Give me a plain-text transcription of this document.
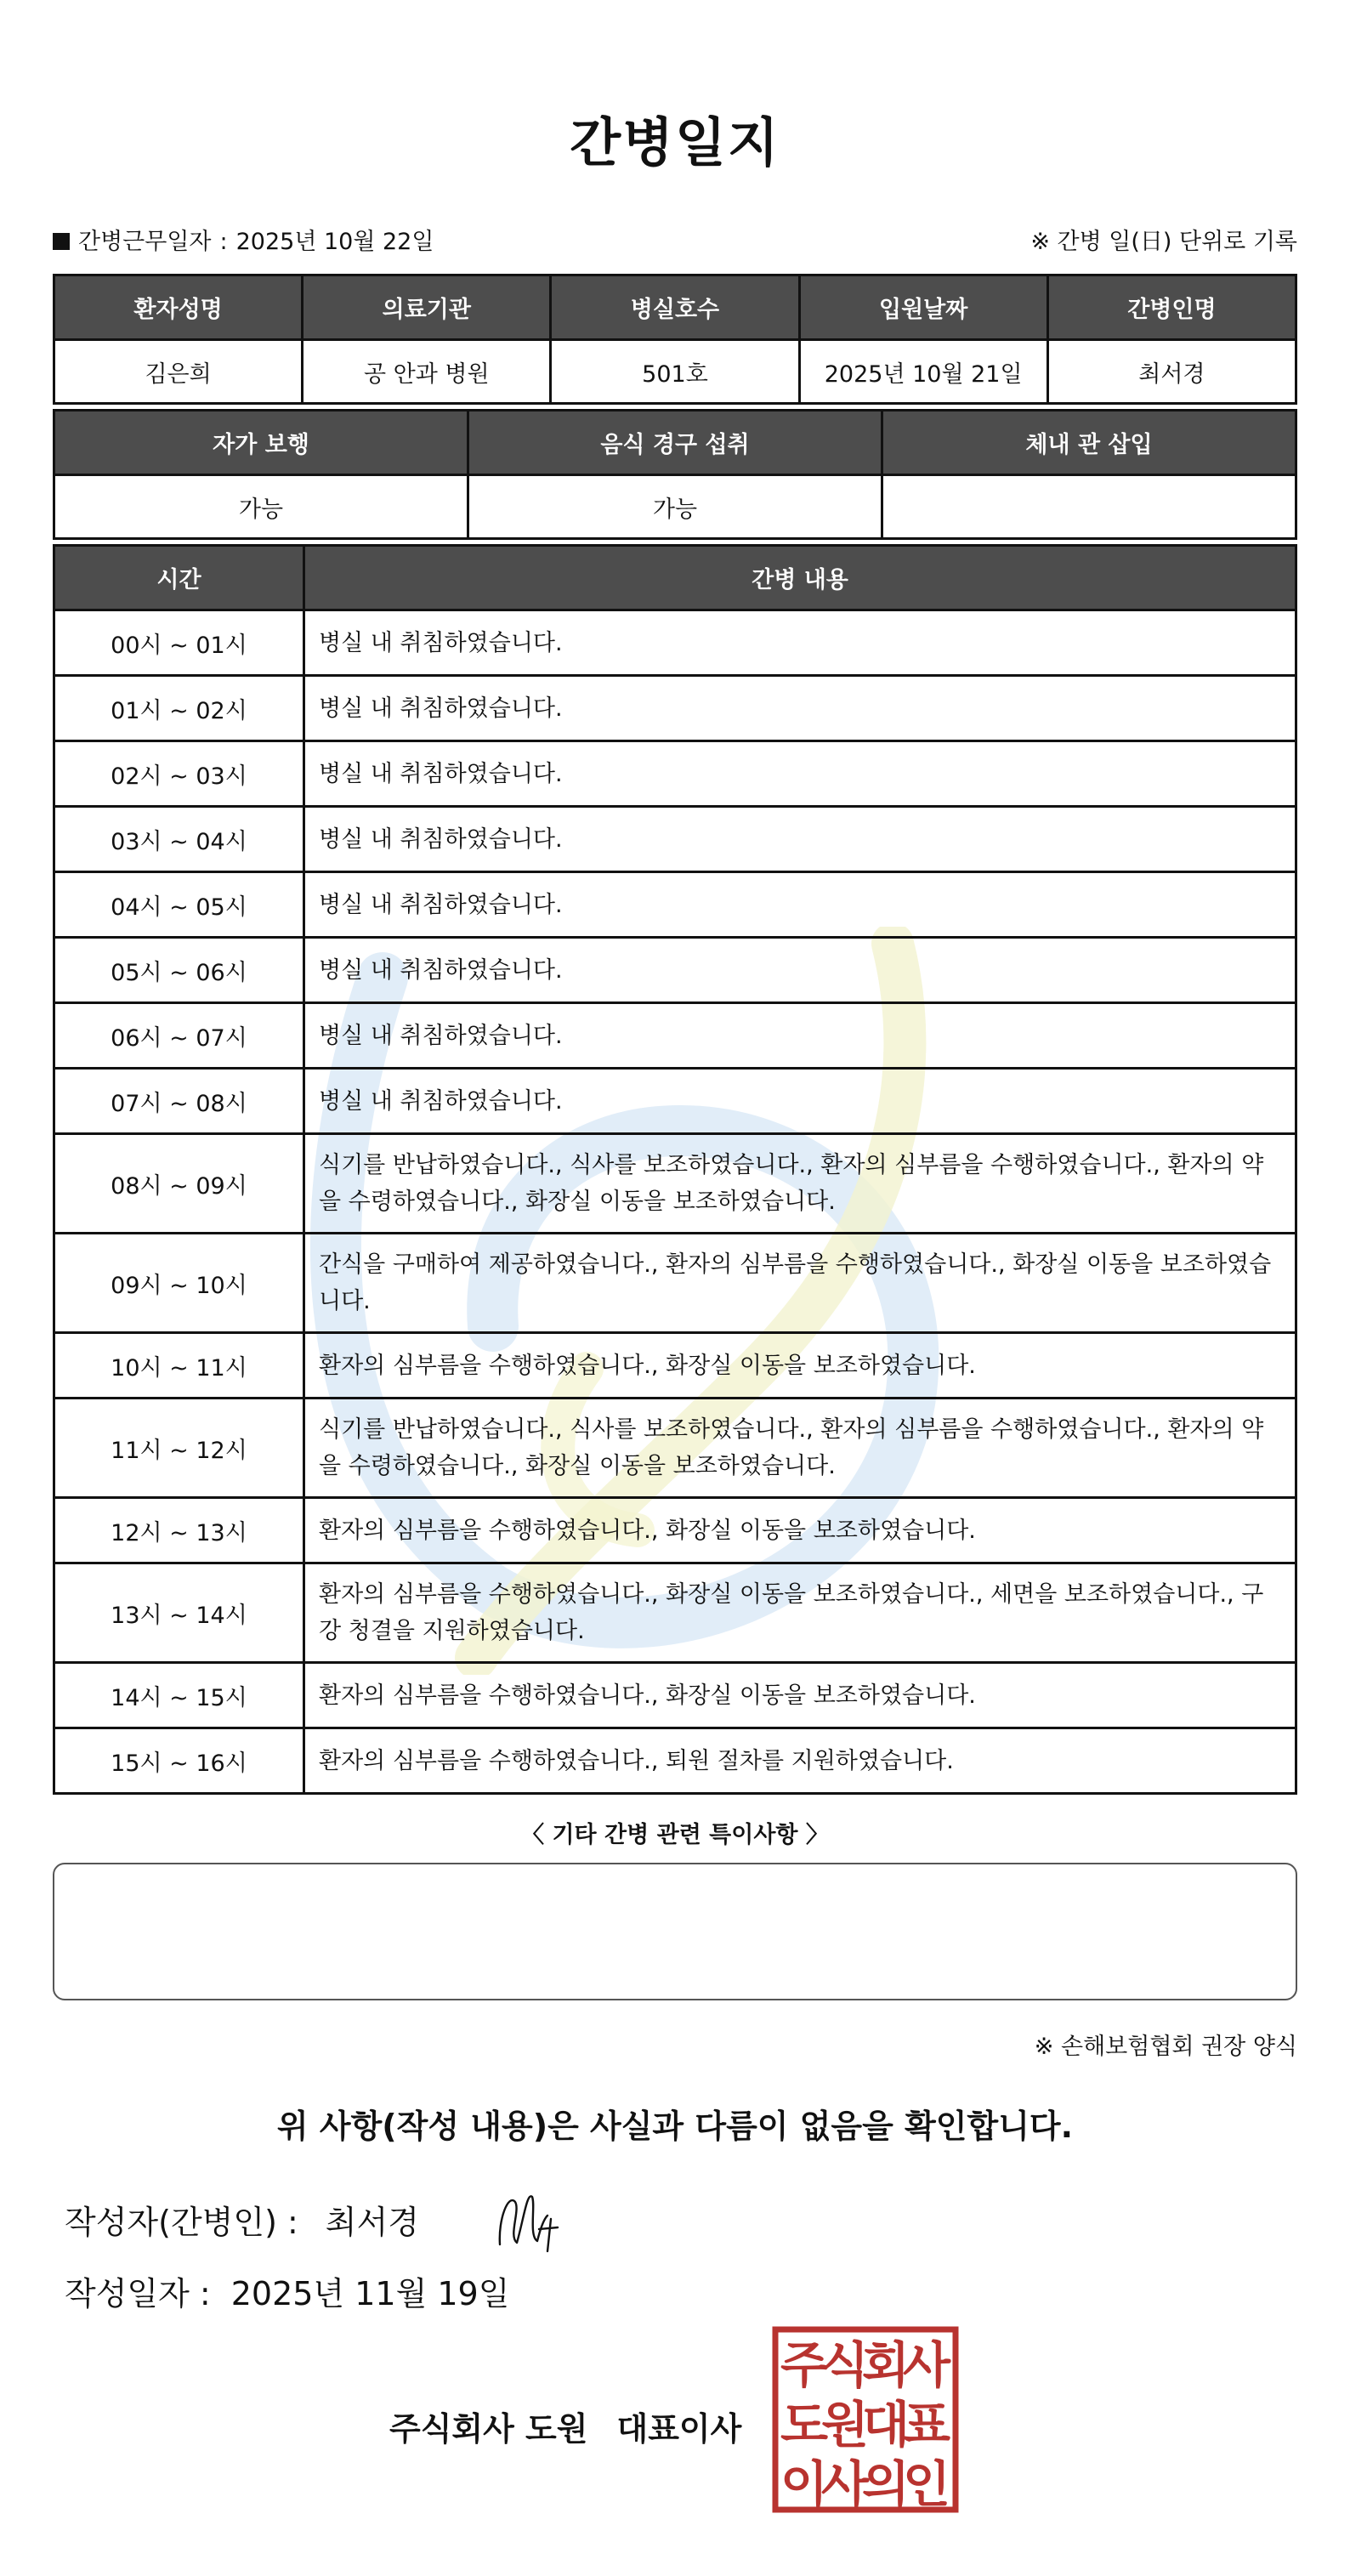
간병일지
간병근무일자 : 2025년 10월 22일	※ 간병 일(日) 단위로 기록
환자성명	의료기관	병실호수	입원날짜	간병인명
김은희	공 안과 병원	501호	2025년 10월 21일	최서경
자가 보행	음식 경구 섭취	체내 관 삽입
가능	가능	
시간	간병 내용
00시 ~ 01시	병실 내 취침하였습니다.
01시 ~ 02시	병실 내 취침하였습니다.
02시 ~ 03시	병실 내 취침하였습니다.
03시 ~ 04시	병실 내 취침하였습니다.
04시 ~ 05시	병실 내 취침하였습니다.
05시 ~ 06시	병실 내 취침하였습니다.
06시 ~ 07시	병실 내 취침하였습니다.
07시 ~ 08시	병실 내 취침하였습니다.
08시 ~ 09시	식기를 반납하였습니다., 식사를 보조하였습니다., 환자의 심부름을 수행하였습니다., 환자의 약을 수령하였습니다., 화장실 이동을 보조하였습니다.
09시 ~ 10시	간식을 구매하여 제공하였습니다., 환자의 심부름을 수행하였습니다., 화장실 이동을 보조하였습니다.
10시 ~ 11시	환자의 심부름을 수행하였습니다., 화장실 이동을 보조하였습니다.
11시 ~ 12시	식기를 반납하였습니다., 식사를 보조하였습니다., 환자의 심부름을 수행하였습니다., 환자의 약을 수령하였습니다., 화장실 이동을 보조하였습니다.
12시 ~ 13시	환자의 심부름을 수행하였습니다., 화장실 이동을 보조하였습니다.
13시 ~ 14시	환자의 심부름을 수행하였습니다., 화장실 이동을 보조하였습니다., 세면을 보조하였습니다., 구강 청결을 지원하였습니다.
14시 ~ 15시	환자의 심부름을 수행하였습니다., 화장실 이동을 보조하였습니다.
15시 ~ 16시	환자의 심부름을 수행하였습니다., 퇴원 절차를 지원하였습니다.
〈 기타 간병 관련 특이사항 〉
※ 손해보험협회 권장 양식
위 사항(작성 내용)은 사실과 다름이 없음을 확인합니다.
작성자(간병인) : 최서경
작성일자 : 2025년 11월 19일
주식회사 도원 대표이사
주
식
회
사
도
원
대
표
이
사
의
인
